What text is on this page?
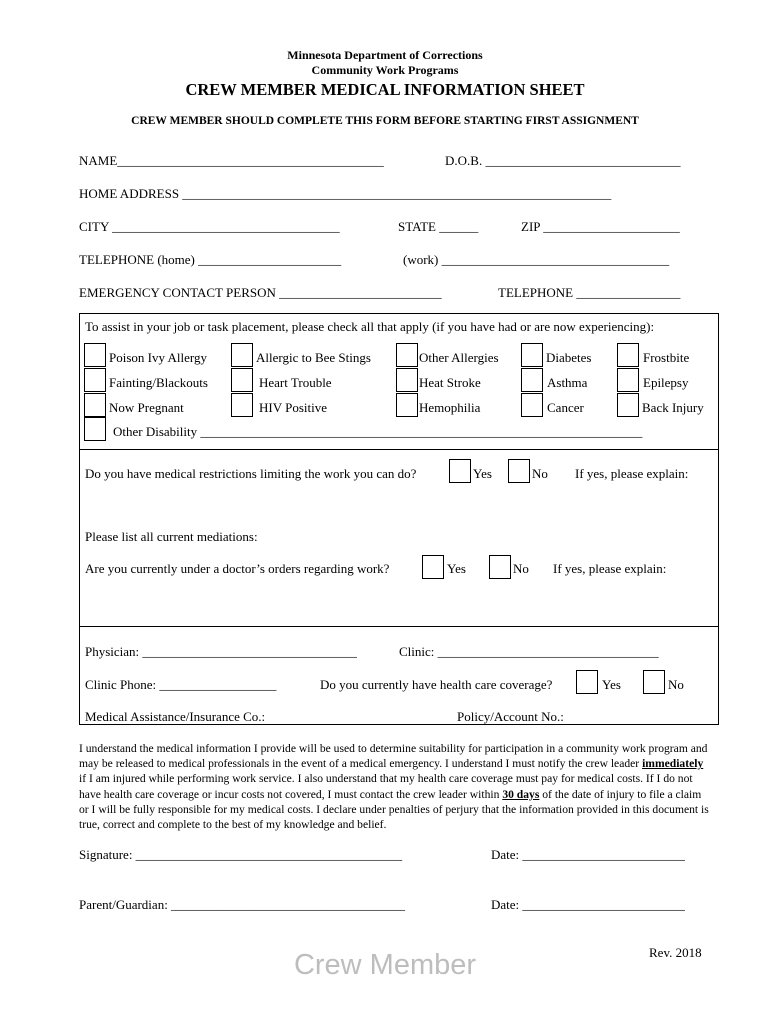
Minnesota Department of Corrections
Community Work Programs
CREW MEMBER MEDICAL INFORMATION SHEET
CREW MEMBER SHOULD COMPLETE THIS FORM BEFORE STARTING FIRST ASSIGNMENT
NAME_________________________________________	D.O.B. ______________________________
HOME ADDRESS __________________________________________________________________
CITY ___________________________________	STATE ______	ZIP _____________________
TELEPHONE (home) ______________________	(work) ___________________________________
EMERGENCY CONTACT PERSON _________________________	TELEPHONE ________________
To assist in your job or task placement, please check all that apply (if you have had or are now experiencing):
Poison Ivy Allergy	Allergic to Bee Stings	Other Allergies	Diabetes	Frostbite
Fainting/Blackouts	Heart Trouble	Heat Stroke	Asthma	Epilepsy
Now Pregnant	HIV Positive	Hemophilia	Cancer	Back Injury
Other Disability ____________________________________________________________________
Do you have medical restrictions limiting the work you can do?	Yes	No If yes, please explain:
Please list all current mediations:
Are you currently under a doctor’s orders regarding work?	Yes	No If yes, please explain:
Physician: _________________________________	Clinic: __________________________________
Clinic Phone: __________________	Do you currently have health care coverage?	Yes	No
Medical Assistance/Insurance Co.:	Policy/Account No.:
I understand the medical information I provide will be used to determine suitability for participation in a community work program and may be released to medical professionals in the event of a medical emergency. I understand I must notify the crew leader immediately if I am injured while performing work service. I also understand that my health care coverage must pay for medical costs. If I do not have health care coverage or incur costs not covered, I must contact the crew leader within 30 days of the date of injury to file a claim or I will be fully responsible for my medical costs. I declare under penalties of perjury that the information provided in this document is true, correct and complete to the best of my knowledge and belief.
Signature: _________________________________________	Date: _________________________
Parent/Guardian: ____________________________________	Date: _________________________
Rev. 2018
Crew Member
